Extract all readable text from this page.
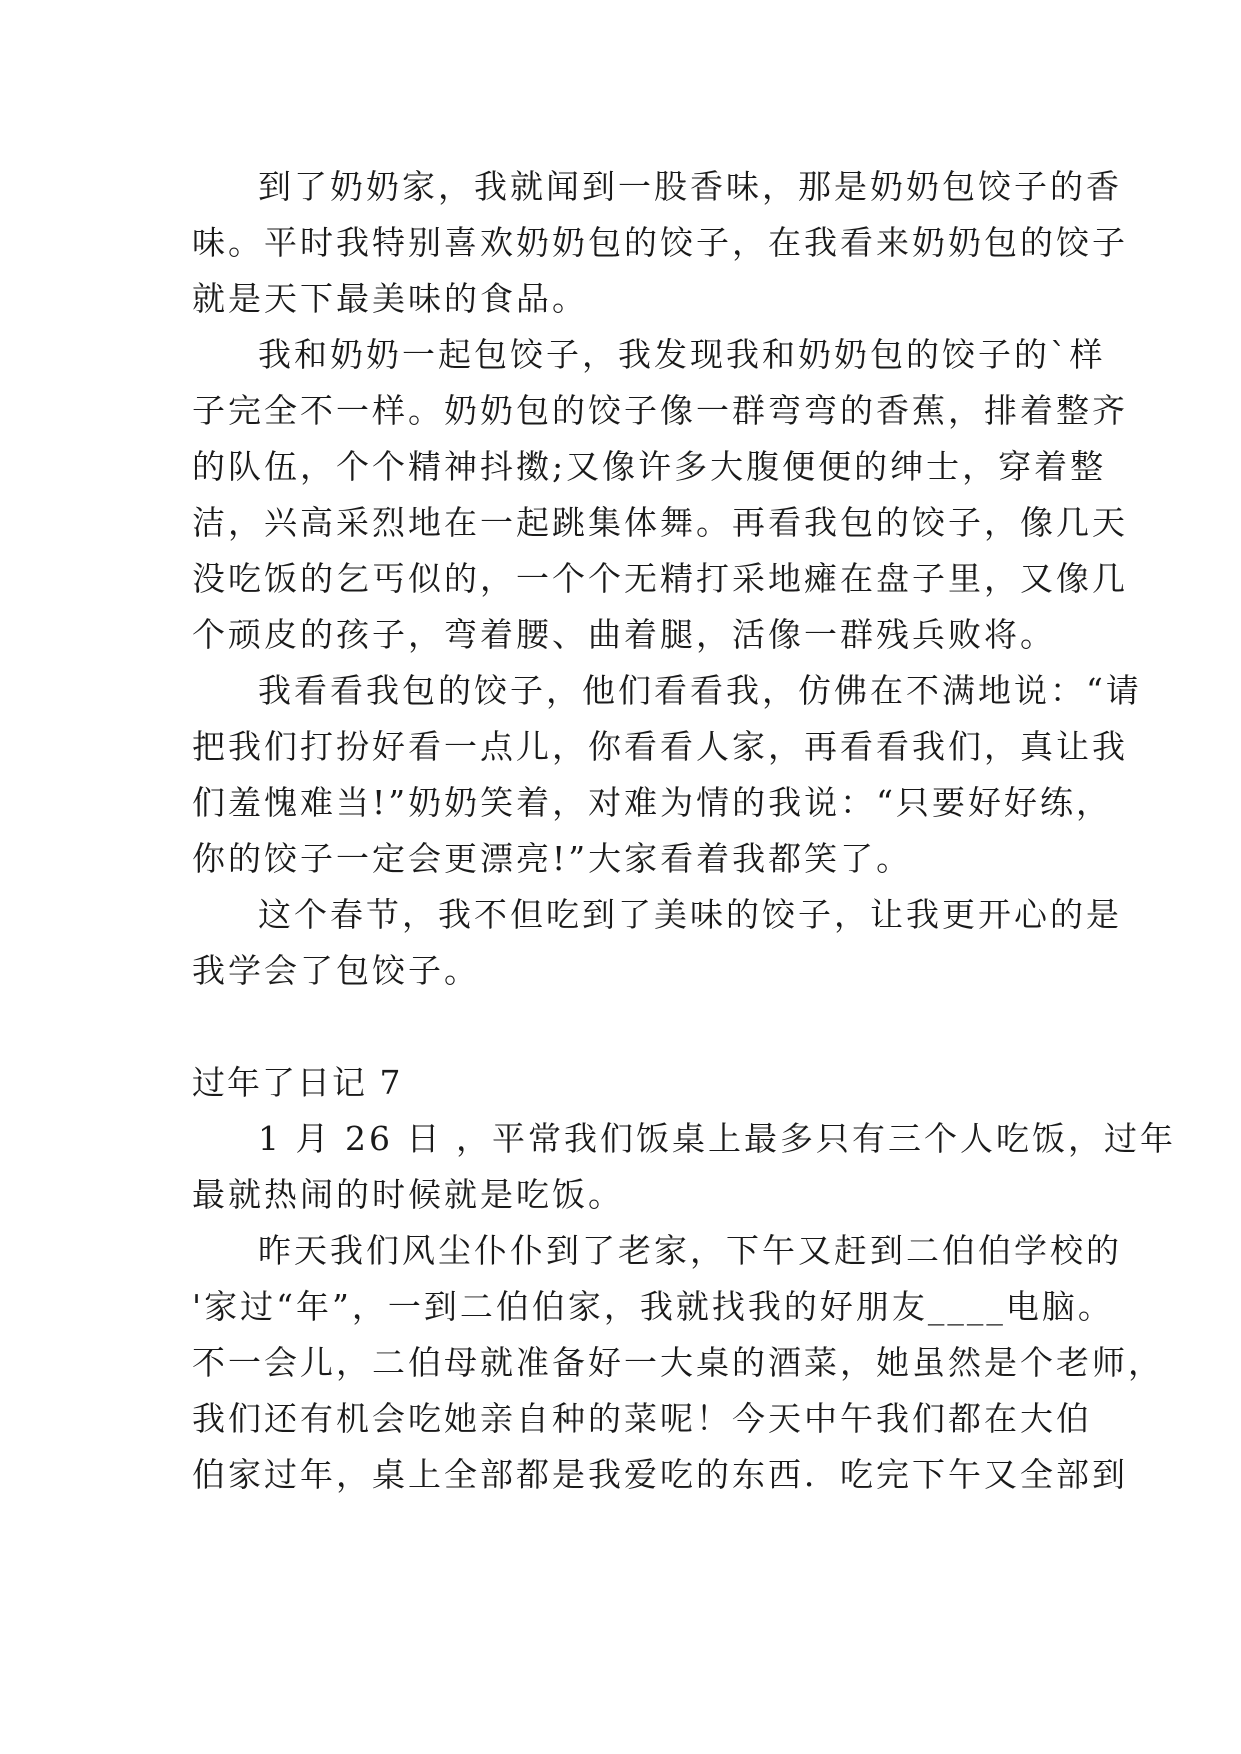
到了奶奶家，我就闻到一股香味，那是奶奶包饺子的香
味。平时我特别喜欢奶奶包的饺子，在我看来奶奶包的饺子
就是天下最美味的食品。
我和奶奶一起包饺子，我发现我和奶奶包的饺子的`样
子完全不一样。奶奶包的饺子像一群弯弯的香蕉，排着整齐
的队伍，个个精神抖擞;又像许多大腹便便的绅士，穿着整
洁，兴高采烈地在一起跳集体舞。再看我包的饺子，像几天
没吃饭的乞丐似的，一个个无精打采地瘫在盘子里，又像几
个顽皮的孩子，弯着腰、曲着腿，活像一群残兵败将。
我看看我包的饺子，他们看看我，仿佛在不满地说：“请
把我们打扮好看一点儿，你看看人家，再看看我们，真让我
们羞愧难当!”奶奶笑着，对难为情的我说：“只要好好练，
你的饺子一定会更漂亮!”大家看着我都笑了。
这个春节，我不但吃到了美味的饺子，让我更开心的是
我学会了包饺子。
过年了日记 7
1 月 26 日 ，平常我们饭桌上最多只有三个人吃饭，过年
最就热闹的时候就是吃饭。
昨天我们风尘仆仆到了老家，下午又赶到二伯伯学校的
'家过“年”，一到二伯伯家，我就找我的好朋友____电脑。
不一会儿，二伯母就准备好一大桌的酒菜，她虽然是个老师，
我们还有机会吃她亲自种的菜呢！今天中午我们都在大伯
伯家过年，桌上全部都是我爱吃的东西．吃完下午又全部到
